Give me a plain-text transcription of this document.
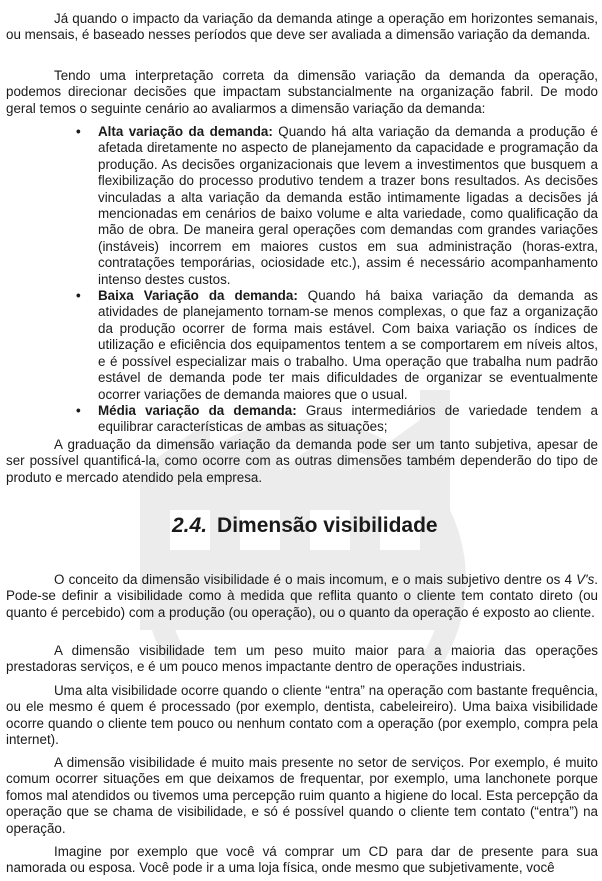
Já quando o impacto da variação da demanda atinge a operação em horizontes semanais, ou mensais, é baseado nesses períodos que deve ser avaliada a dimensão variação da demanda.

Tendo uma interpretação correta da dimensão variação da demanda da operação, podemos direcionar decisões que impactam substancialmente na organização fabril. De modo geral temos o seguinte cenário ao avaliarmos a dimensão variação da demanda:

• Alta variação da demanda: Quando há alta variação da demanda a produção é afetada diretamente no aspecto de planejamento da capacidade e programação da produção. As decisões organizacionais que levem a investimentos que busquem a flexibilização do processo produtivo tendem a trazer bons resultados. As decisões vinculadas a alta variação da demanda estão intimamente ligadas a decisões já mencionadas em cenários de baixo volume e alta variedade, como qualificação da mão de obra. De maneira geral operações com demandas com grandes variações (instáveis) incorrem em maiores custos em sua administração (horas-extra, contratações temporárias, ociosidade etc.), assim é necessário acompanhamento intenso destes custos.
• Baixa Variação da demanda: Quando há baixa variação da demanda as atividades de planejamento tornam-se menos complexas, o que faz a organização da produção ocorrer de forma mais estável. Com baixa variação os índices de utilização e eficiência dos equipamentos tentem a se comportarem em níveis altos, e é possível especializar mais o trabalho. Uma operação que trabalha num padrão estável de demanda pode ter mais dificuldades de organizar se eventualmente ocorrer variações de demanda maiores que o usual.
• Média variação da demanda: Graus intermediários de variedade tendem a equilibrar características de ambas as situações;

A graduação da dimensão variação da demanda pode ser um tanto subjetiva, apesar de ser possível quantificá-la, como ocorre com as outras dimensões também dependerão do tipo de produto e mercado atendido pela empresa.

2.4. Dimensão visibilidade

O conceito da dimensão visibilidade é o mais incomum, e o mais subjetivo dentre os 4 V's. Pode-se definir a visibilidade como à medida que reflita quanto o cliente tem contato direto (ou quanto é percebido) com a produção (ou operação), ou o quanto da operação é exposto ao cliente.

A dimensão visibilidade tem um peso muito maior para a maioria das operações prestadoras serviços, e é um pouco menos impactante dentro de operações industriais.

Uma alta visibilidade ocorre quando o cliente “entra” na operação com bastante frequência, ou ele mesmo é quem é processado (por exemplo, dentista, cabeleireiro). Uma baixa visibilidade ocorre quando o cliente tem pouco ou nenhum contato com a operação (por exemplo, compra pela internet).

A dimensão visibilidade é muito mais presente no setor de serviços. Por exemplo, é muito comum ocorrer situações em que deixamos de frequentar, por exemplo, uma lanchonete porque fomos mal atendidos ou tivemos uma percepção ruim quanto a higiene do local. Esta percepção da operação que se chama de visibilidade, e só é possível quando o cliente tem contato (“entra”) na operação.

Imagine por exemplo que você vá comprar um CD para dar de presente para sua namorada ou esposa. Você pode ir a uma loja física, onde mesmo que subjetivamente, você
